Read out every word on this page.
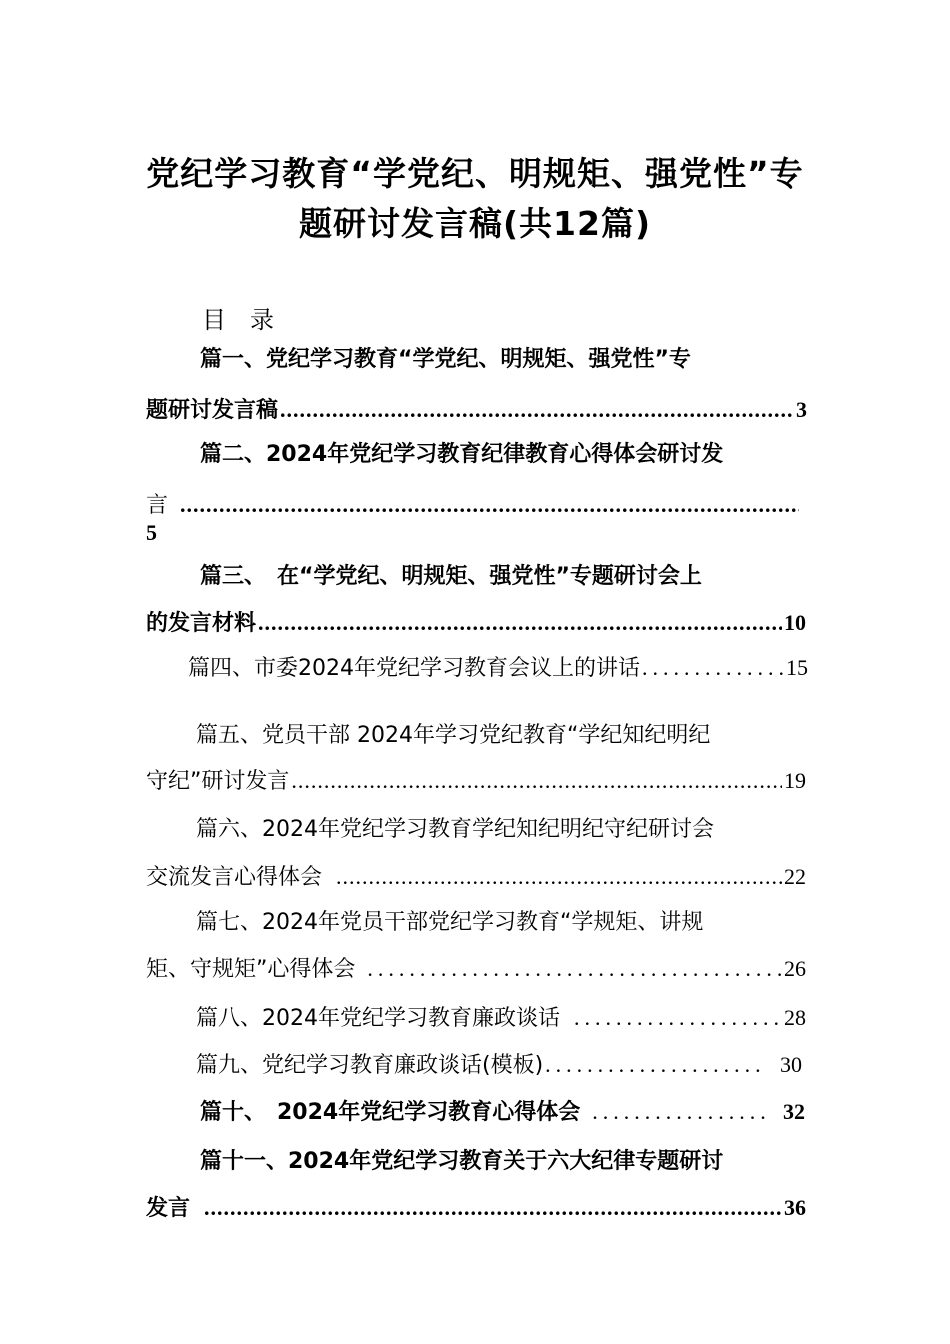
党纪学习教育“学党纪、明规矩、强党性”专
题研讨发言稿(共12篇)
目录
篇一、党纪学习教育“学党纪、明规矩、强党性”专
题研讨发言稿 .....	3
篇二、2024年党纪学习教育纪律教育心得体会研讨发
言
.....
5
篇三、　在“学党纪、明规矩、强党性”专题研讨会上
的发言材料 .....	10
篇四、市委2024年党纪学习教育会议上的讲话 .....	15
篇五、党员干部 2024年学习党纪教育“学纪知纪明纪
守纪”研讨发言 .....	19
篇六、2024年党纪学习教育学纪知纪明纪守纪研讨会
交流发言心得体会 .....	22
篇七、2024年党员干部党纪学习教育“学规矩、讲规
矩、守规矩”心得体会 .....	26
篇八、2024年党纪学习教育廉政谈话 .....	28
篇九、党纪学习教育廉政谈话(模板) .....	30
篇十、　2024年党纪学习教育心得体会 .....	32
篇十一、2024年党纪学习教育关于六大纪律专题研讨
发言 .....	36
